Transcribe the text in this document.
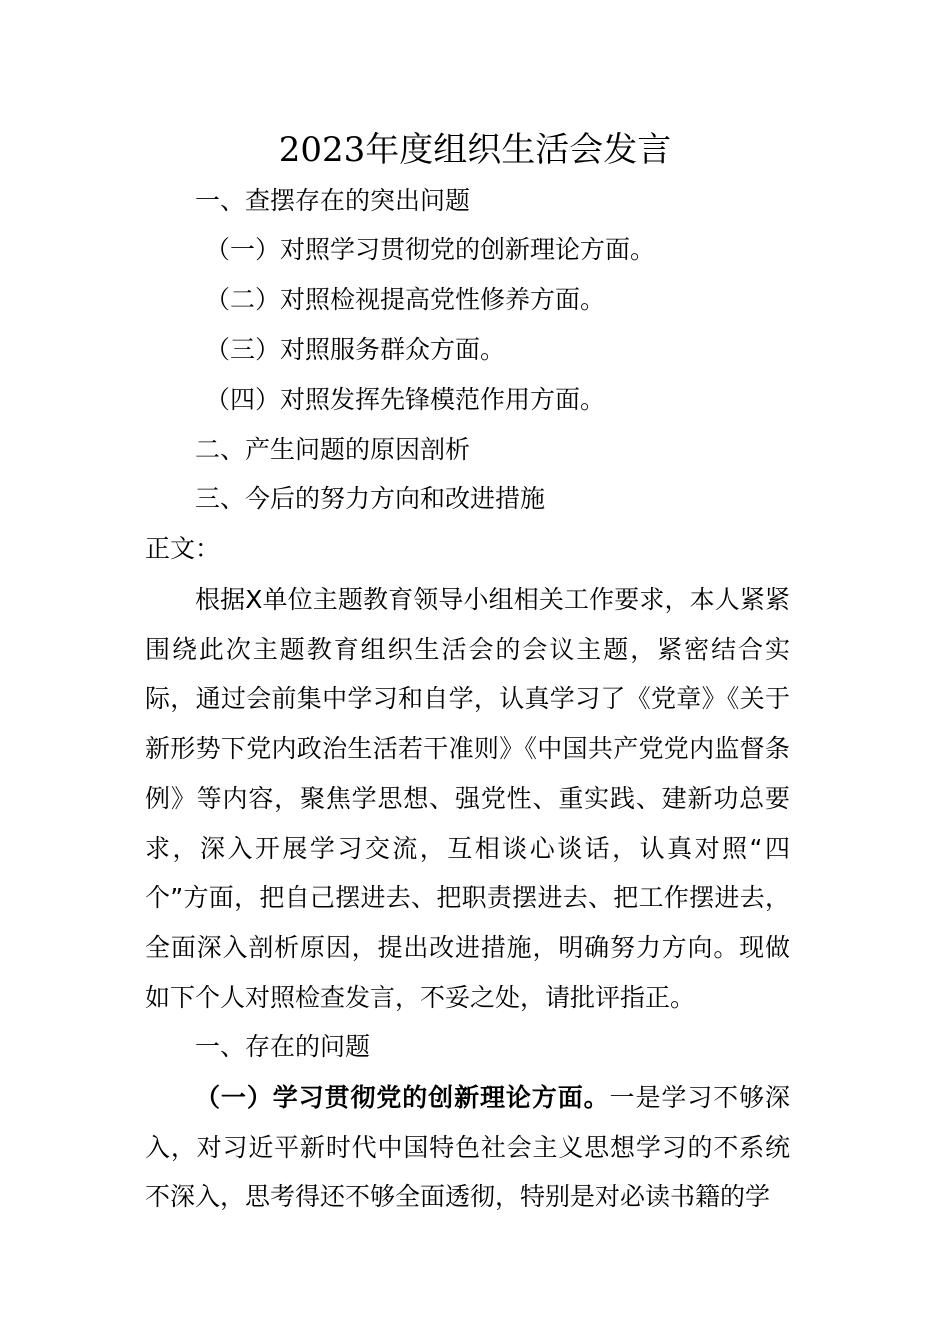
2023年度组织生活会发言
一、查摆存在的突出问题
（一）对照学习贯彻党的创新理论方面。
（二）对照检视提高党性修养方面。
（三）对照服务群众方面。
（四）对照发挥先锋模范作用方面。
二、产生问题的原因剖析
三、今后的努力方向和改进措施
正文：
根据X单位主题教育领导小组相关工作要求，本人紧紧围绕此次主题教育组织生活会的会议主题，紧密结合实际，通过会前集中学习和自学，认真学习了《党章》《关于新形势下党内政治生活若干准则》《中国共产党党内监督条例》等内容，聚焦学思想、强党性、重实践、建新功总要求，深入开展学习交流，互相谈心谈话，认真对照“四个”方面，把自己摆进去、把职责摆进去、把工作摆进去，全面深入剖析原因，提出改进措施，明确努力方向。现做如下个人对照检查发言，不妥之处，请批评指正。
一、存在的问题
（一）学习贯彻党的创新理论方面。一是学习不够深入，对习近平新时代中国特色社会主义思想学习的不系统不深入，思考得还不够全面透彻，特别是对必读书籍的学
